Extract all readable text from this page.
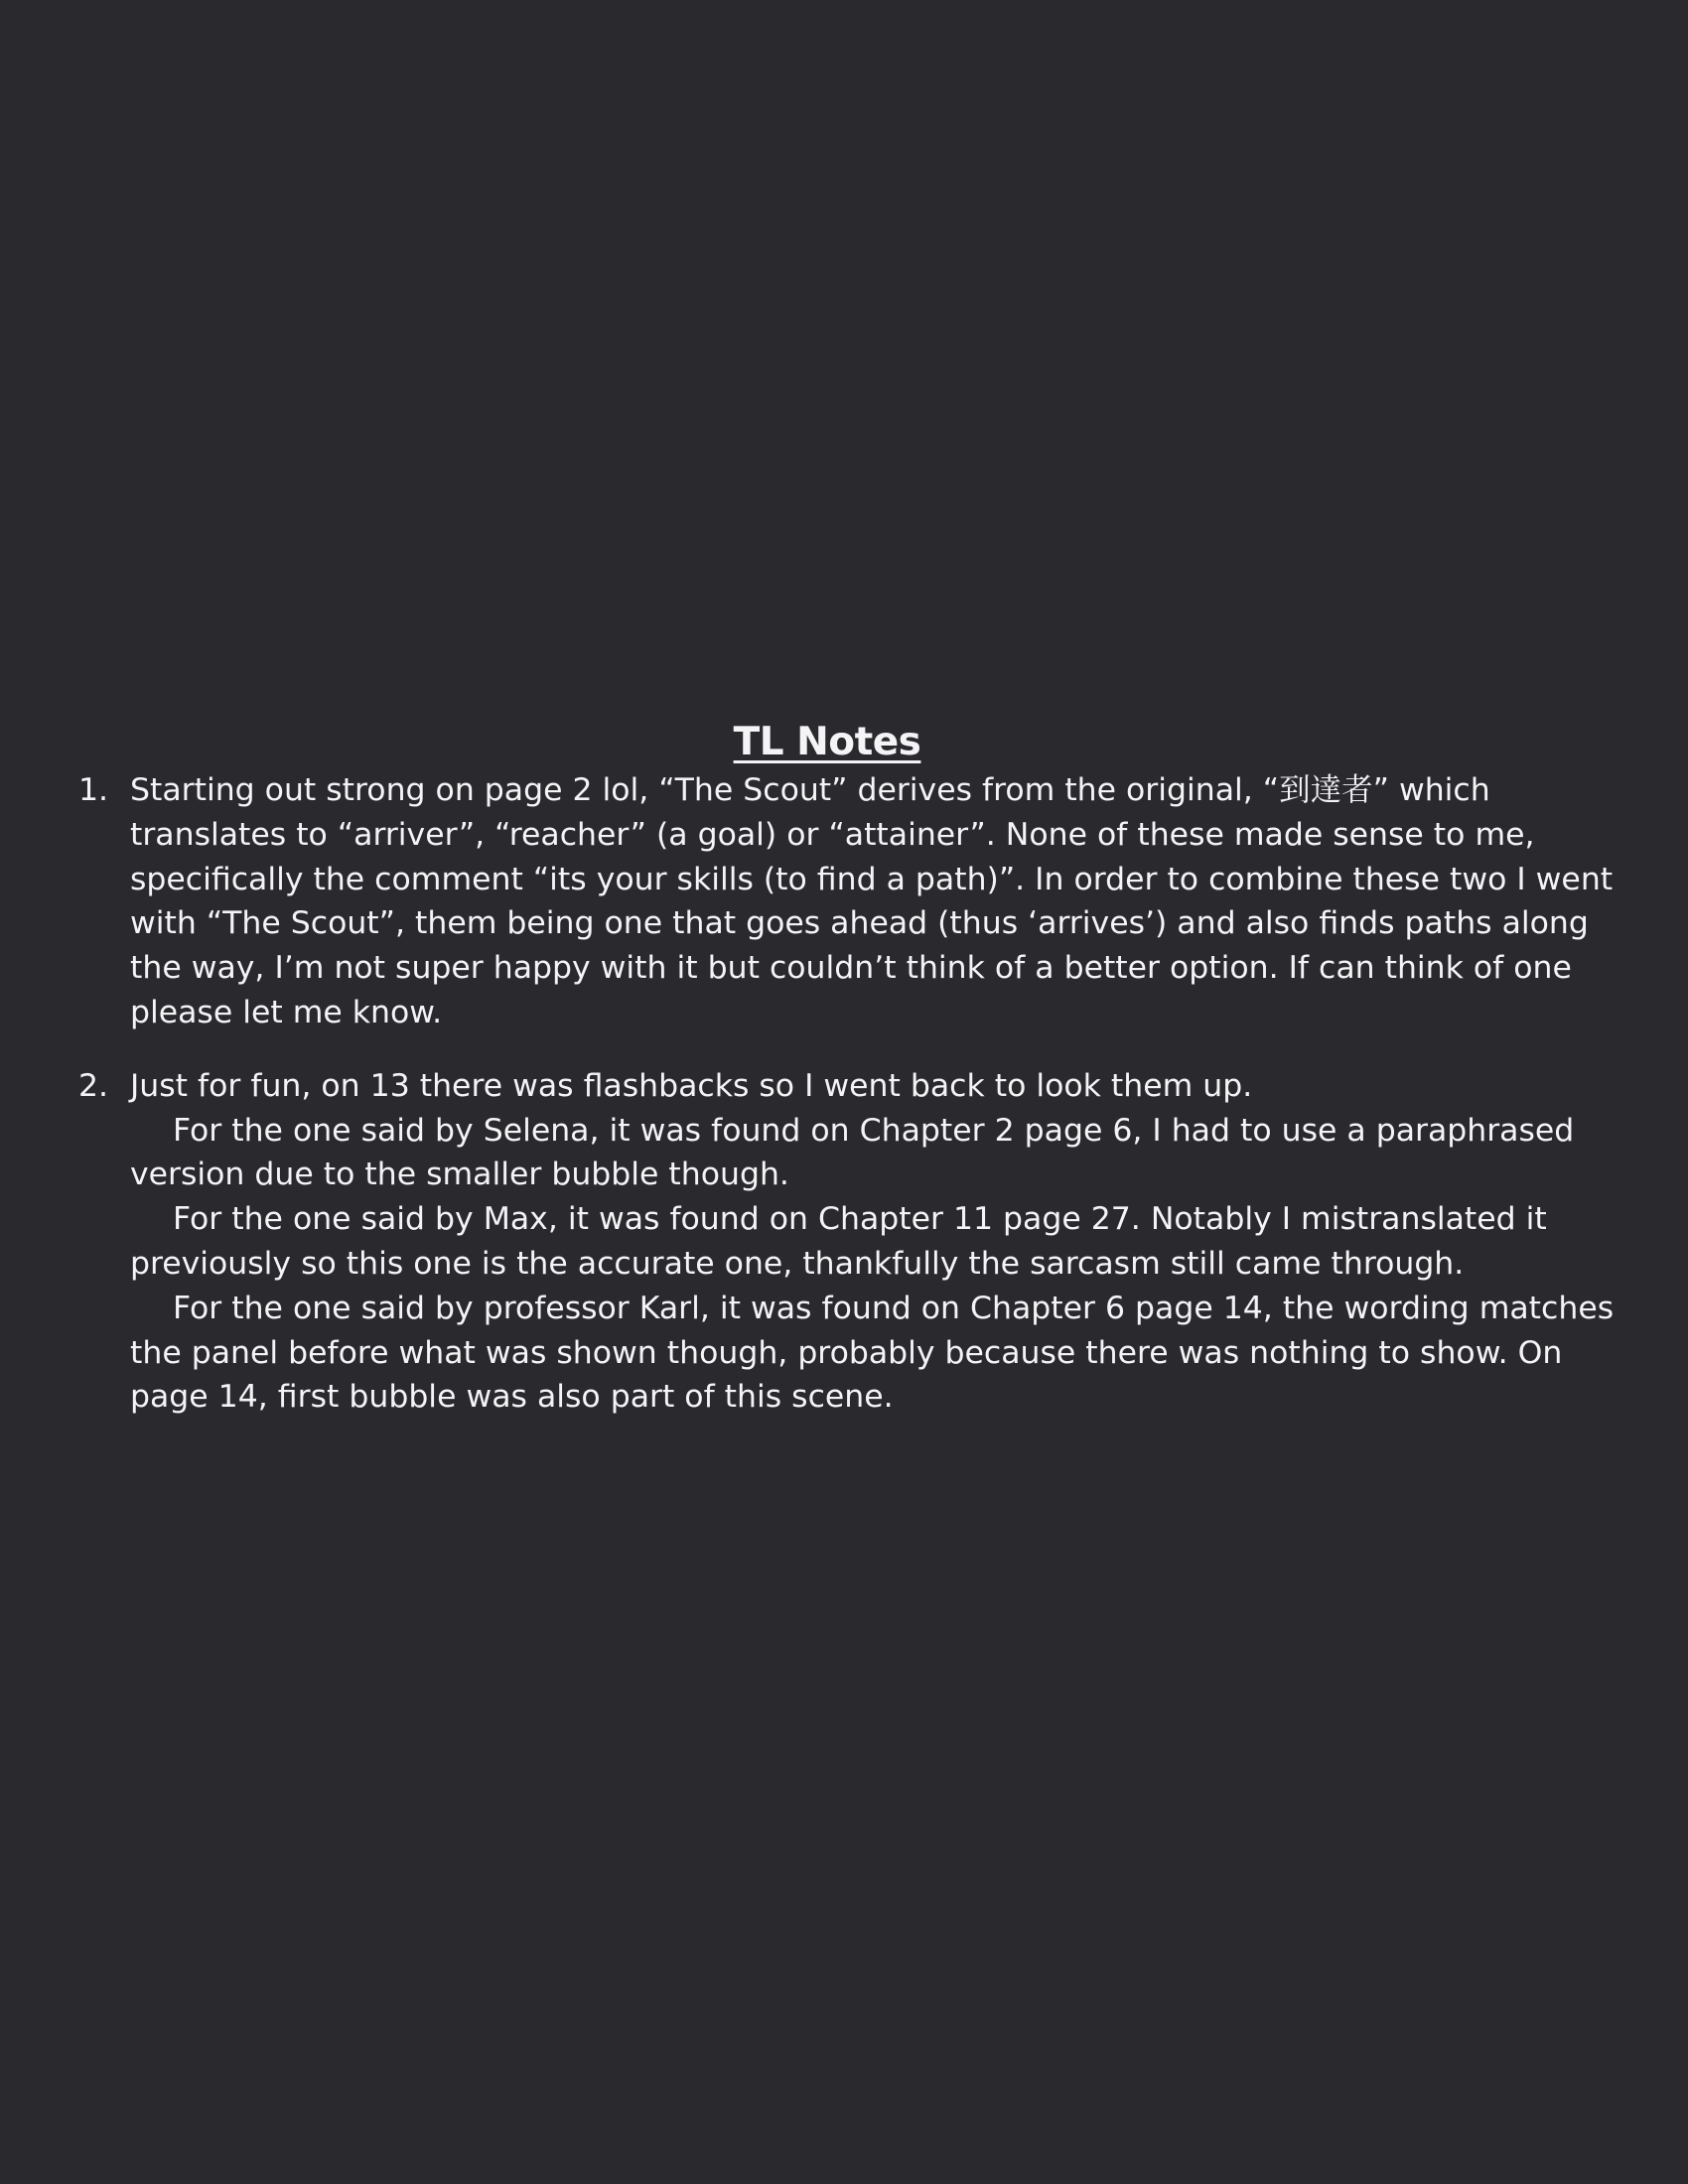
TL Notes
1. Starting out strong on page 2 lol, “The Scout” derives from the original, “到達者” which translates to “arriver”, “reacher” (a goal) or “attainer”. None of these made sense to me, specifically the comment “its your skills (to find a path)”. In order to combine these two I went with “The Scout”, them being one that goes ahead (thus ‘arrives’) and also finds paths along the way, I’m not super happy with it but couldn’t think of a better option. If can think of one please let me know.

2. Just for fun, on 13 there was flashbacks so I went back to look them up.

For the one said by Selena, it was found on Chapter 2 page 6, I had to use a paraphrased version due to the smaller bubble though.

For the one said by Max, it was found on Chapter 11 page 27. Notably I mistranslated it previously so this one is the accurate one, thankfully the sarcasm still came through.

For the one said by professor Karl, it was found on Chapter 6 page 14, the wording matches the panel before what was shown though, probably because there was nothing to show. On page 14, first bubble was also part of this scene.
